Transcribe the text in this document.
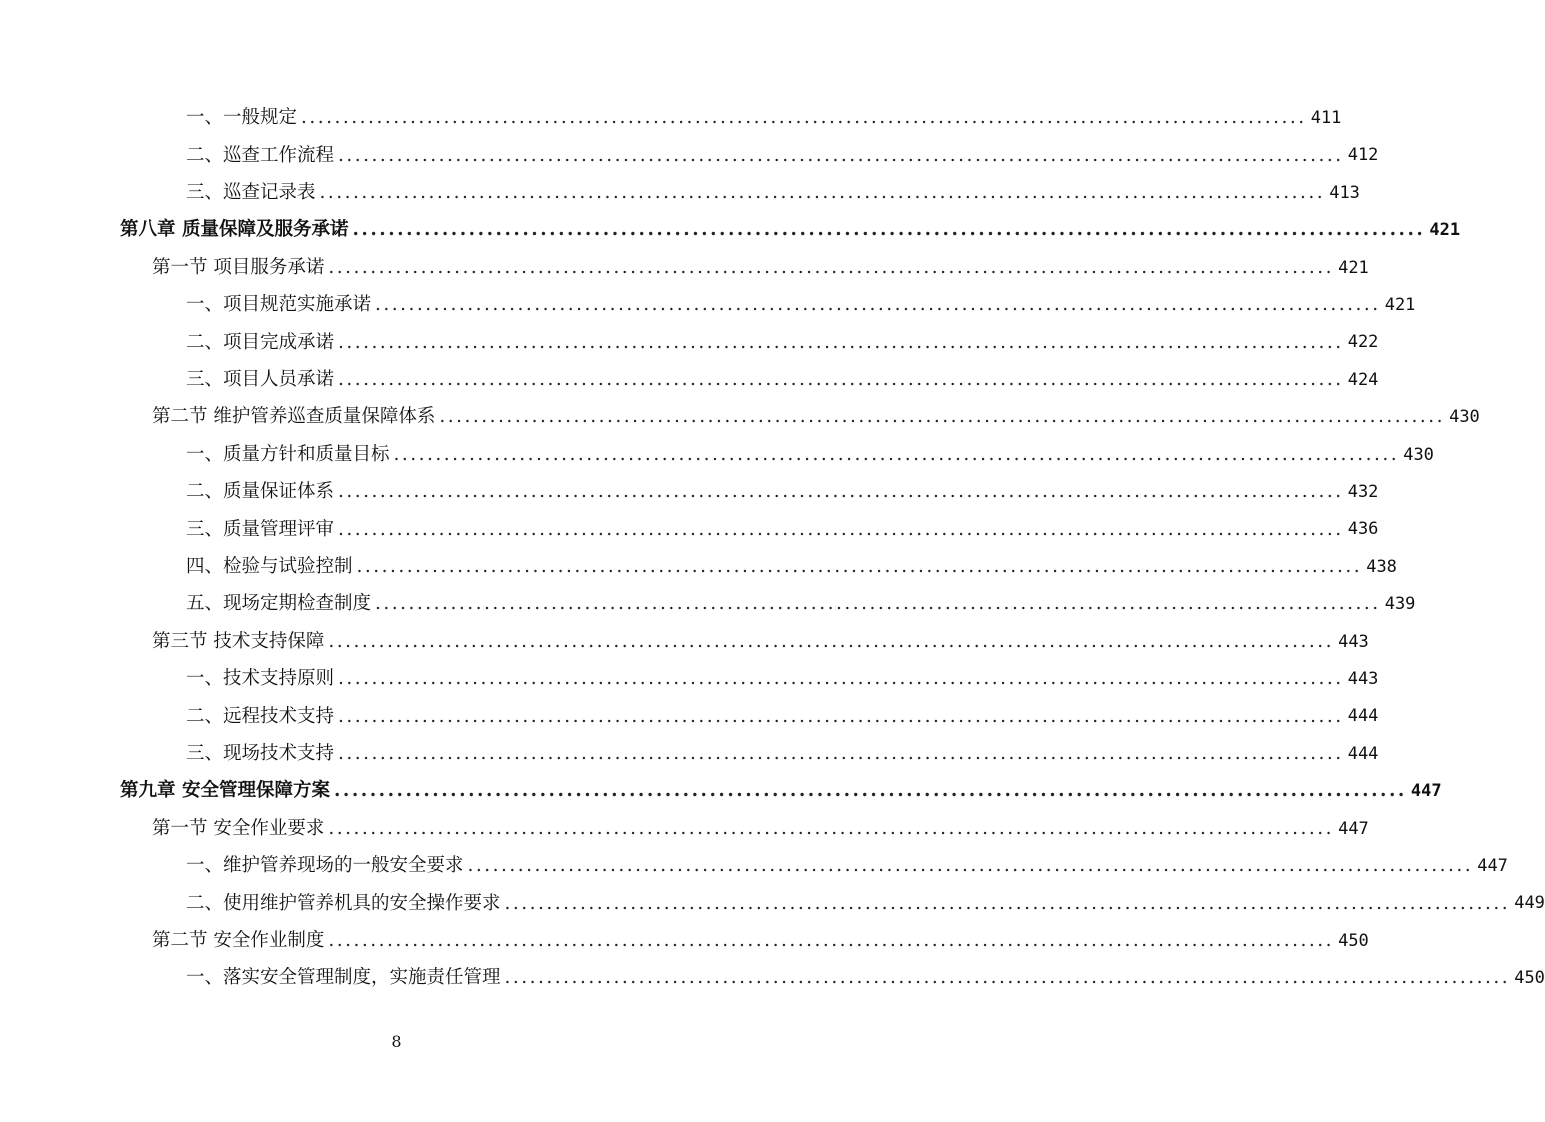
一、一般规定 ........................................................................................................................ 411
二、巡查工作流程 ........................................................................................................................ 412
三、巡查记录表 ........................................................................................................................ 413
第八章 质量保障及服务承诺 ........................................................................................................................ 421
第一节 项目服务承诺 ........................................................................................................................ 421
一、项目规范实施承诺 ........................................................................................................................ 421
二、项目完成承诺 ........................................................................................................................ 422
三、项目人员承诺 ........................................................................................................................ 424
第二节 维护管养巡查质量保障体系 ........................................................................................................................ 430
一、质量方针和质量目标 ........................................................................................................................ 430
二、质量保证体系 ........................................................................................................................ 432
三、质量管理评审 ........................................................................................................................ 436
四、检验与试验控制 ........................................................................................................................ 438
五、现场定期检查制度 ........................................................................................................................ 439
第三节 技术支持保障 ........................................................................................................................ 443
一、技术支持原则 ........................................................................................................................ 443
二、远程技术支持 ........................................................................................................................ 444
三、现场技术支持 ........................................................................................................................ 444
第九章 安全管理保障方案 ........................................................................................................................ 447
第一节 安全作业要求 ........................................................................................................................ 447
一、维护管养现场的一般安全要求 ........................................................................................................................ 447
二、使用维护管养机具的安全操作要求 ........................................................................................................................ 449
第二节 安全作业制度 ........................................................................................................................ 450
一、落实安全管理制度，实施责任管理 ........................................................................................................................ 450
8
